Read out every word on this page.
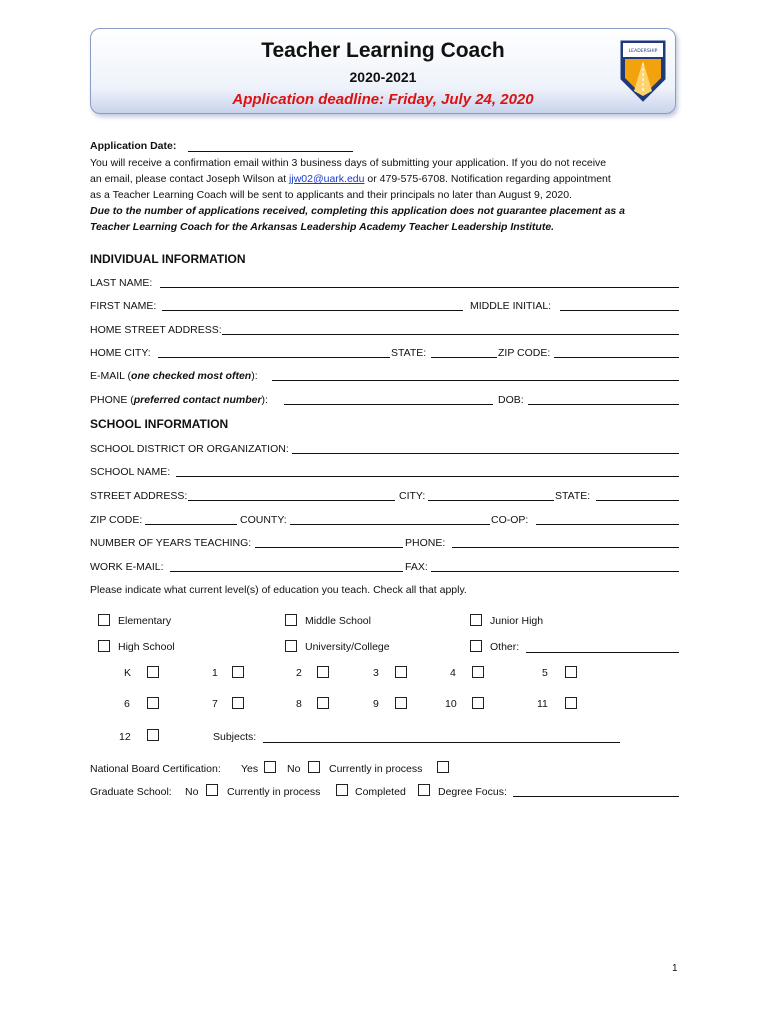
Teacher Learning Coach
2020-2021
Application deadline: Friday, July 24, 2020
LEADERSHIP
Application Date:
You will receive a confirmation email within 3 business days of submitting your application. If you do not receive
an email, please contact Joseph Wilson at jjw02@uark.edu or 479-575-6708. Notification regarding appointment
as a Teacher Learning Coach will be sent to applicants and their principals no later than August 9, 2020.
Due to the number of applications received, completing this application does not guarantee placement as a
Teacher Learning Coach for the Arkansas Leadership Academy Teacher Leadership Institute.
INDIVIDUAL INFORMATION
LAST NAME:
FIRST NAME:	MIDDLE INITIAL:
HOME STREET ADDRESS:
HOME CITY:	STATE:	ZIP CODE:
E-MAIL (one checked most often):
PHONE (preferred contact number):	DOB:
SCHOOL INFORMATION
SCHOOL DISTRICT OR ORGANIZATION:
SCHOOL NAME:
STREET ADDRESS:	CITY:	STATE:
ZIP CODE:	COUNTY:	CO-OP:
NUMBER OF YEARS TEACHING:	PHONE:
WORK E-MAIL:	FAX:
Please indicate what current level(s) of education you teach. Check all that apply.
Elementary	Middle School	Junior High
High School	University/College	Other:
K	1	2	3	4	5
6	7	8	9	10	11
12	Subjects:
National Board Certification: Yes	No	Currently in process
Graduate School: No	Currently in process	Completed	Degree Focus:
1
